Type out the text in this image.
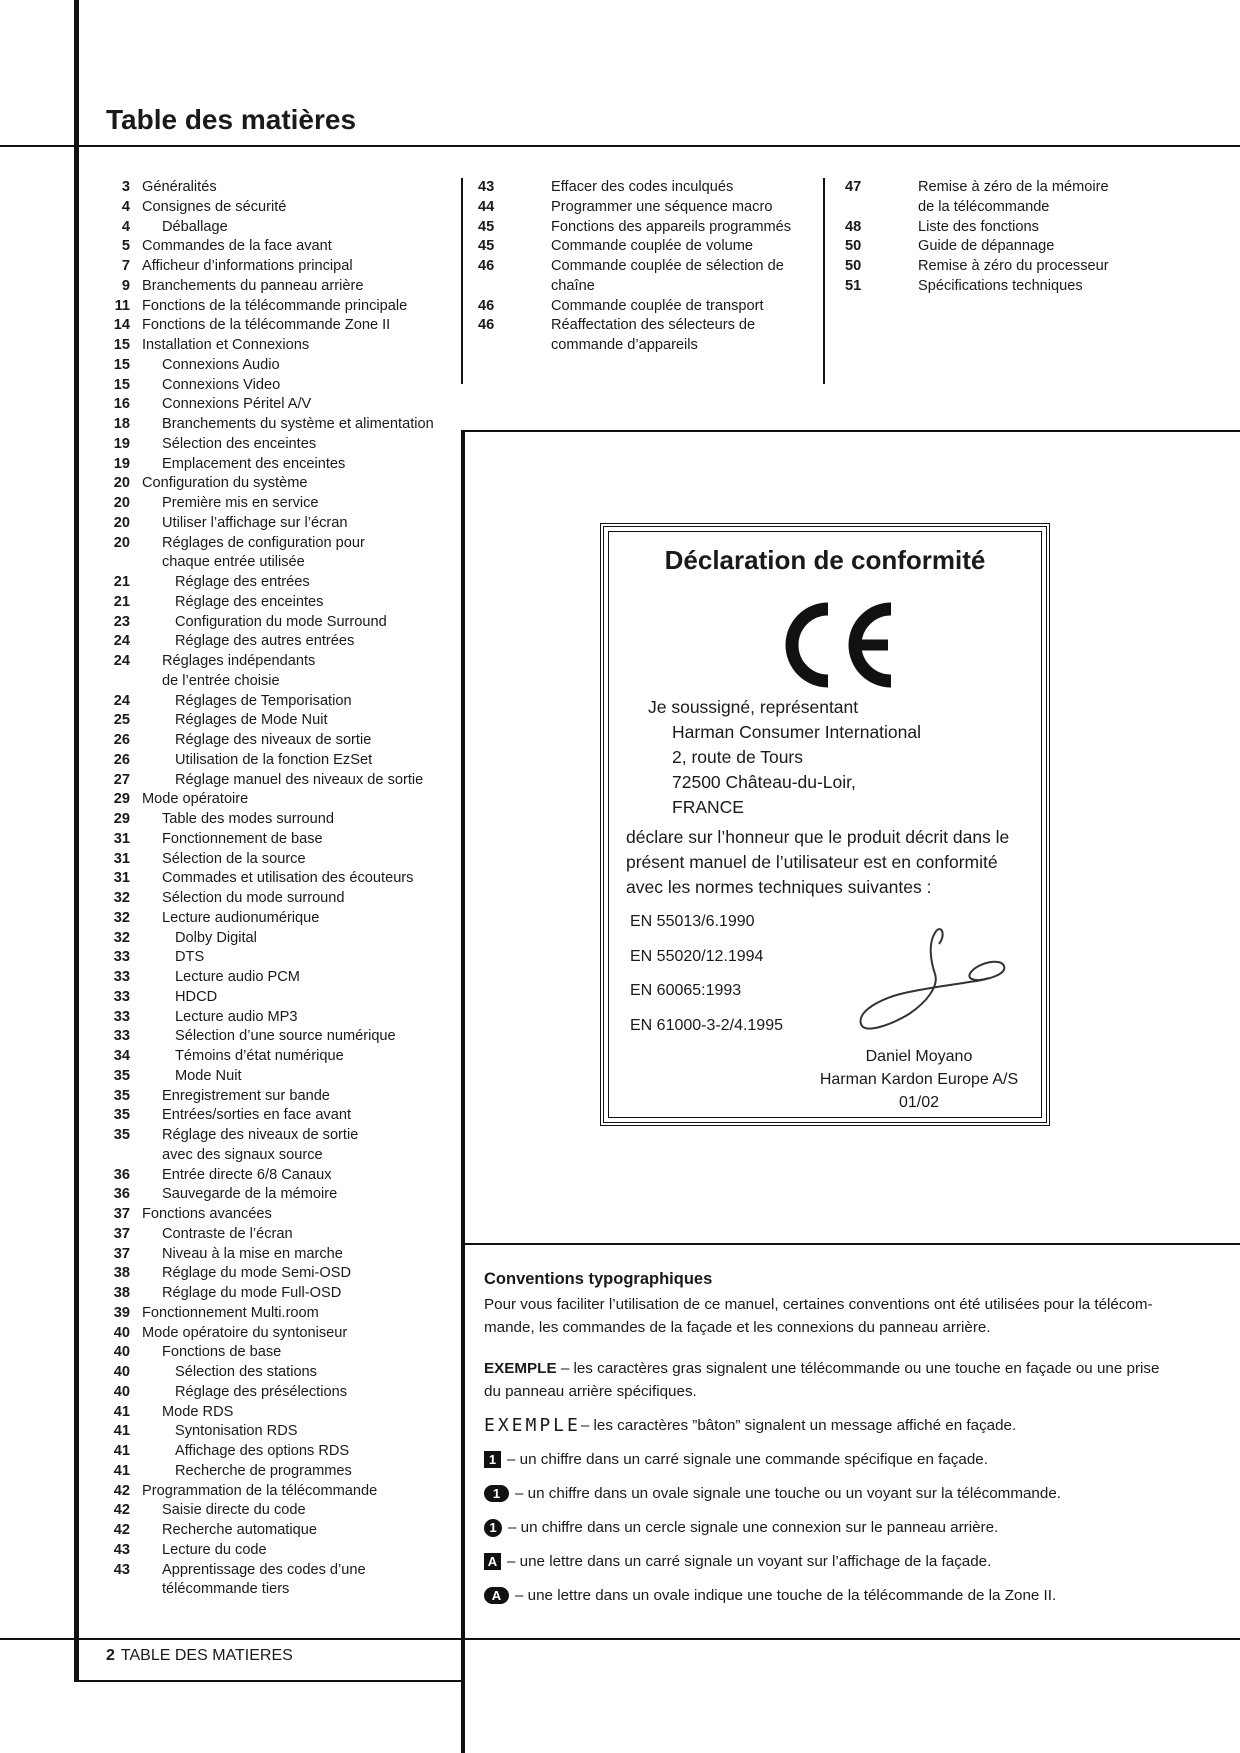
Table des matières
3 Généralités
4 Consignes de sécurité
4	Déballage
5 Commandes de la face avant
7 Afficheur d’informations principal
9 Branchements du panneau arrière
11 Fonctions de la télécommande principale
14 Fonctions de la télécommande Zone II
15 Installation et Connexions
15	Connexions Audio
15	Connexions Video
16	Connexions Péritel A/V
18	Branchements du système et alimentation
19	Sélection des enceintes
19	Emplacement des enceintes
20 Configuration du système
20	Première mis en service
20	Utiliser l’affichage sur l’écran
20	Réglages de configuration pour
chaque entrée utilisée
21	Réglage des entrées
21	Réglage des enceintes
23	Configuration du mode Surround
24	Réglage des autres entrées
24	Réglages indépendants
de l’entrée choisie
24	Réglages de Temporisation
25	Réglages de Mode Nuit
26	Réglage des niveaux de sortie
26	Utilisation de la fonction EzSet
27	Réglage manuel des niveaux de sortie
29 Mode opératoire
29	Table des modes surround
31	Fonctionnement de base
31	Sélection de la source
31	Commades et utilisation des écouteurs
32	Sélection du mode surround
32	Lecture audionumérique
32	Dolby Digital
33	DTS
33	Lecture audio PCM
33	HDCD
33	Lecture audio MP3
33	Sélection d’une source numérique
34	Témoins d’état numérique
35	Mode Nuit
35	Enregistrement sur bande
35	Entrées/sorties en face avant
35	Réglage des niveaux de sortie
avec des signaux source
36	Entrée directe 6/8 Canaux
36	Sauvegarde de la mémoire
37 Fonctions avancées
37	Contraste de l’écran
37	Niveau à la mise en marche
38	Réglage du mode Semi-OSD
38	Réglage du mode Full-OSD
39 Fonctionnement Multi.room
40 Mode opératoire du syntoniseur
40	Fonctions de base
40	Sélection des stations
40	Réglage des présélections
41	Mode RDS
41	Syntonisation RDS
41	Affichage des options RDS
41	Recherche de programmes
42 Programmation de la télécommande
42	Saisie directe du code
42	Recherche automatique
43	Lecture du code
43	Apprentissage des codes d’une
télécommande tiers
43	Effacer des codes inculqués
44	Programmer une séquence macro
45	Fonctions des appareils programmés
45	Commande couplée de volume
46	Commande couplée de sélection de
chaîne
46	Commande couplée de transport
46	Réaffectation des sélecteurs de
commande d’appareils
47	Remise à zéro de la mémoire
de la télécommande
48	Liste des fonctions
50	Guide de dépannage
50	Remise à zéro du processeur
51	Spécifications techniques
Déclaration de conformité
Je soussigné, représentant
Harman Consumer International
2, route de Tours
72500 Château-du-Loir,
FRANCE
déclare sur l’honneur que le produit décrit dans le
présent manuel de l’utilisateur est en conformité
avec les normes techniques suivantes :
EN 55013/6.1990
EN 55020/12.1994
EN 60065:1993
EN 61000-3-2/4.1995
Daniel Moyano
Harman Kardon Europe A/S
01/02
Conventions typographiques

Pour vous faciliter l’utilisation de ce manuel, certaines conventions ont été utilisées pour la télécom-mande, les commandes de la façade et les connexions du panneau arrière.

EXEMPLE – les caractères gras signalent une télécommande ou une touche en façade ou une prise du panneau arrière spécifiques.

EXEMPLE – les caractères ”bâton” signalent un message affiché en façade.
1 – un chiffre dans un carré signale une commande spécifique en façade.
1 – un chiffre dans un ovale signale une touche ou un voyant sur la télécommande.
1 – un chiffre dans un cercle signale une connexion sur le panneau arrière.
A – une lettre dans un carré signale un voyant sur l’affichage de la façade.
A – une lettre dans un ovale indique une touche de la télécommande de la Zone II.
2 TABLE DES MATIERES
